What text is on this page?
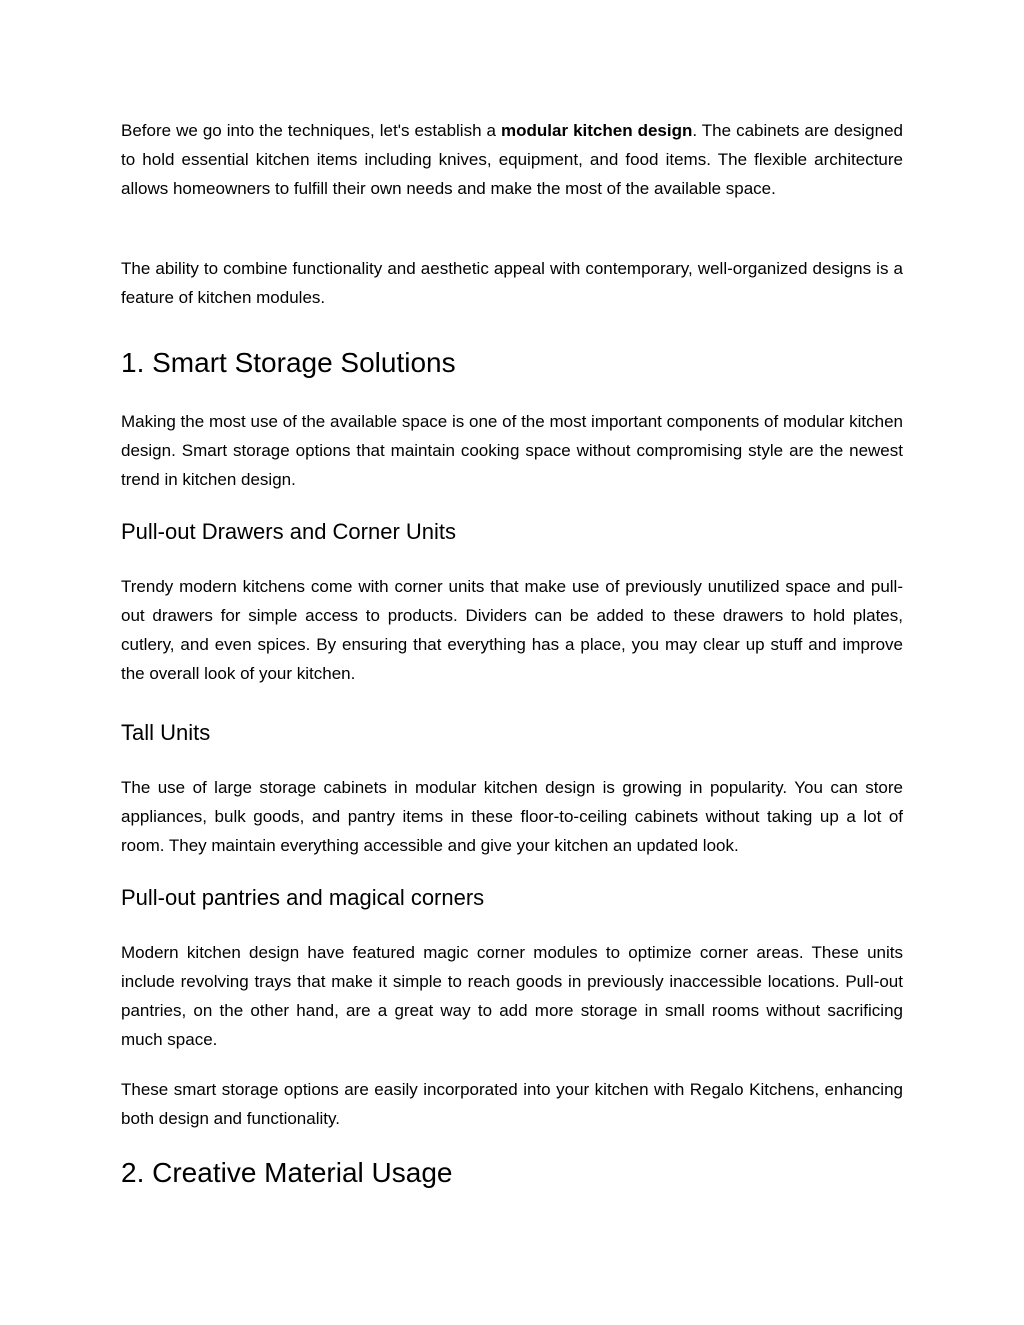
Before we go into the techniques, let's establish a modular kitchen design. The cabinets are designed to hold essential kitchen items including knives, equipment, and food items. The flexible architecture allows homeowners to fulfill their own needs and make the most of the available space.

The ability to combine functionality and aesthetic appeal with contemporary, well-organized designs is a feature of kitchen modules.

1. Smart Storage Solutions

Making the most use of the available space is one of the most important components of modular kitchen design. Smart storage options that maintain cooking space without compromising style are the newest trend in kitchen design.

Pull-out Drawers and Corner Units

Trendy modern kitchens come with corner units that make use of previously unutilized space and pull-out drawers for simple access to products. Dividers can be added to these drawers to hold plates, cutlery, and even spices. By ensuring that everything has a place, you may clear up stuff and improve the overall look of your kitchen.

Tall Units

The use of large storage cabinets in modular kitchen design is growing in popularity. You can store appliances, bulk goods, and pantry items in these floor-to-ceiling cabinets without taking up a lot of room. They maintain everything accessible and give your kitchen an updated look.

Pull-out pantries and magical corners

Modern kitchen design have featured magic corner modules to optimize corner areas. These units include revolving trays that make it simple to reach goods in previously inaccessible locations. Pull-out pantries, on the other hand, are a great way to add more storage in small rooms without sacrificing much space.

These smart storage options are easily incorporated into your kitchen with Regalo Kitchens, enhancing both design and functionality.

2. Creative Material Usage
